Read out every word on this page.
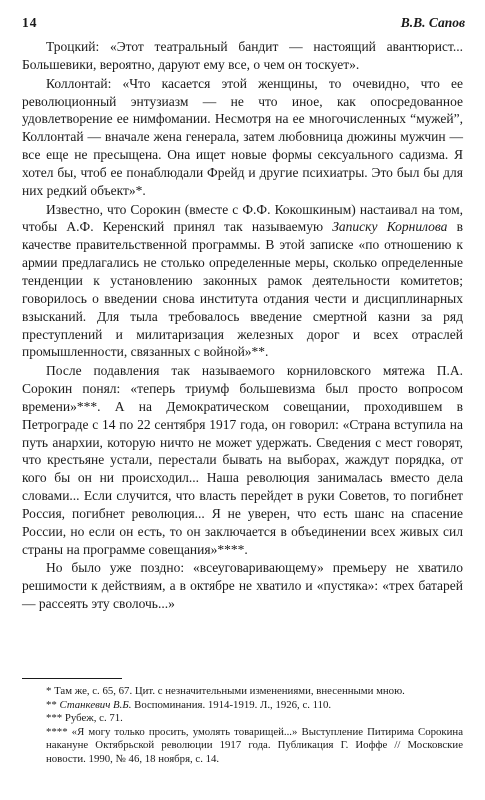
14	В.В. Сапов

Троцкий: «Этот театральный бандит — настоящий авантюрист... Большевики, вероятно, даруют ему все, о чем он тоскует».

Коллонтай: «Что касается этой женщины, то очевидно, что ее революционный энтузиазм — не что иное, как опосредованное удовлетворение ее нимфомании. Несмотря на ее многочисленных “мужей”, Коллонтай — вначале жена генерала, затем любовница дюжины мужчин — все еще не пресыщена. Она ищет новые формы сексуального садизма. Я хотел бы, чтоб ее понаблюдали Фрейд и другие психиатры. Это был бы для них редкий объект»*.

Известно, что Сорокин (вместе с Ф.Ф. Кокошкиным) настаивал на том, чтобы А.Ф. Керенский принял так называемую Записку Корнилова в качестве правительственной программы. В этой записке «по отношению к армии предлагались не столько определенные меры, сколько определенные тенденции к установлению законных рамок деятельности комитетов; говорилось о введении снова института отдания чести и дисциплинарных взысканий. Для тыла требовалось введение смертной казни за ряд преступлений и милитаризация железных дорог и всех отраслей промышленности, связанных с войной»**.

После подавления так называемого корниловского мятежа П.А. Сорокин понял: «теперь триумф большевизма был просто вопросом времени»***. А на Демократическом совещании, проходившем в Петрограде с 14 по 22 сентября 1917 года, он говорил: «Страна вступила на путь анархии, которую ничто не может удержать. Сведения с мест говорят, что крестьяне устали, перестали бывать на выборах, жаждут порядка, от кого бы он ни происходил... Наша революция занималась вместо дела словами... Если случится, что власть перейдет в руки Советов, то погибнет Россия, погибнет революция... Я не уверен, что есть шанс на спасение России, но если он есть, то он заключается в объединении всех живых сил страны на программе совещания»****.

Но было уже поздно: «всеуговаривающему» премьеру не хватило решимости к действиям, а в октябре не хватило и «пустяка»: «трех батарей — рассеять эту сволочь...»

* Там же, с. 65, 67. Цит. с незначительными изменениями, внесенными мною.

** Станкевич В.Б. Воспоминания. 1914-1919. Л., 1926, с. 110.

*** Рубеж, с. 71.

**** «Я могу только просить, умолять товарищей...» Выступление Питирима Сорокина накануне Октябрьской революции 1917 года. Публикация Г. Иоффе // Московские новости. 1990, № 46, 18 ноября, с. 14.
